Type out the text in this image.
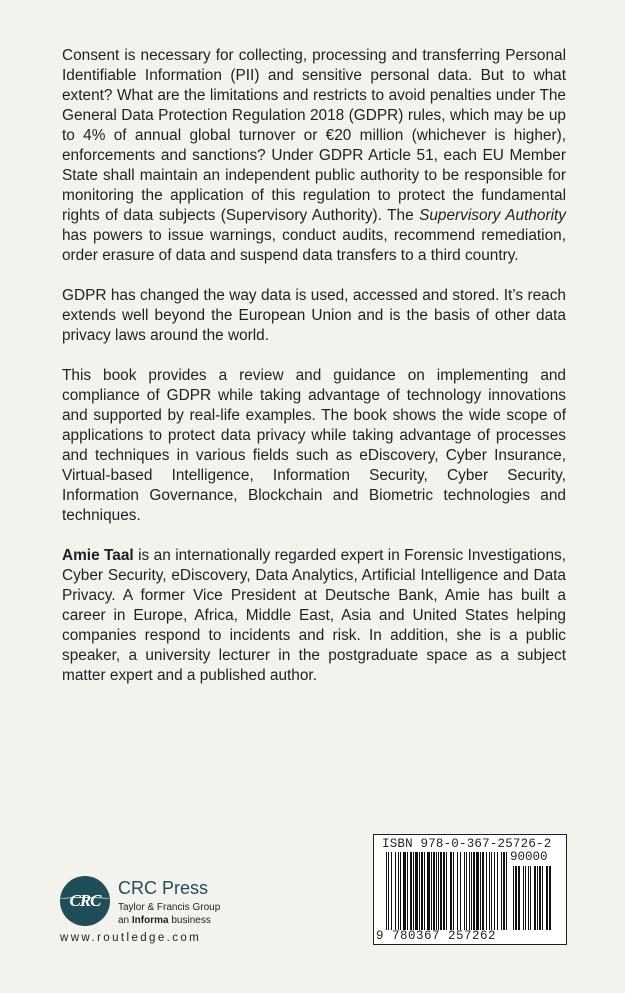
Consent is necessary for collecting, processing and transferring Personal Identifiable Information (PII) and sensitive personal data. But to what extent? What are the limitations and restricts to avoid penalties under The General Data Protection Regulation 2018 (GDPR) rules, which may be up to 4% of annual global turnover or €20 million (whichever is higher), enforcements and sanctions? Under GDPR Article 51, each EU Member State shall maintain an independent public authority to be responsible for monitoring the application of this regulation to protect the fundamental rights of data subjects (Supervisory Authority). The Supervisory Authority has powers to issue warnings, conduct audits, recommend remediation, order erasure of data and suspend data transfers to a third country.

GDPR has changed the way data is used, accessed and stored. It’s reach extends well beyond the European Union and is the basis of other data privacy laws around the world.

This book provides a review and guidance on implementing and compliance of GDPR while taking advantage of technology innovations and supported by real-life examples. The book shows the wide scope of applications to protect data privacy while taking advantage of processes and techniques in various fields such as eDiscovery, Cyber Insurance, Virtual-based Intelligence, Information Security, Cyber Security, Information Governance, Blockchain and Biometric technologies and techniques.

Amie Taal is an internationally regarded expert in Forensic Investigations, Cyber Security, eDiscovery, Data Analytics, Artificial Intelligence and Data Privacy. A former Vice President at Deutsche Bank, Amie has built a career in Europe, Africa, Middle East, Asia and United States helping companies respond to incidents and risk. In addition, she is a public speaker, a university lecturer in the postgraduate space as a subject matter expert and a published author.

CRC
CRC Press
Taylor & Francis Group
an Informa business
www.routledge.com
ISBN 978-0-367-25726-2
90000
9 780367 257262
